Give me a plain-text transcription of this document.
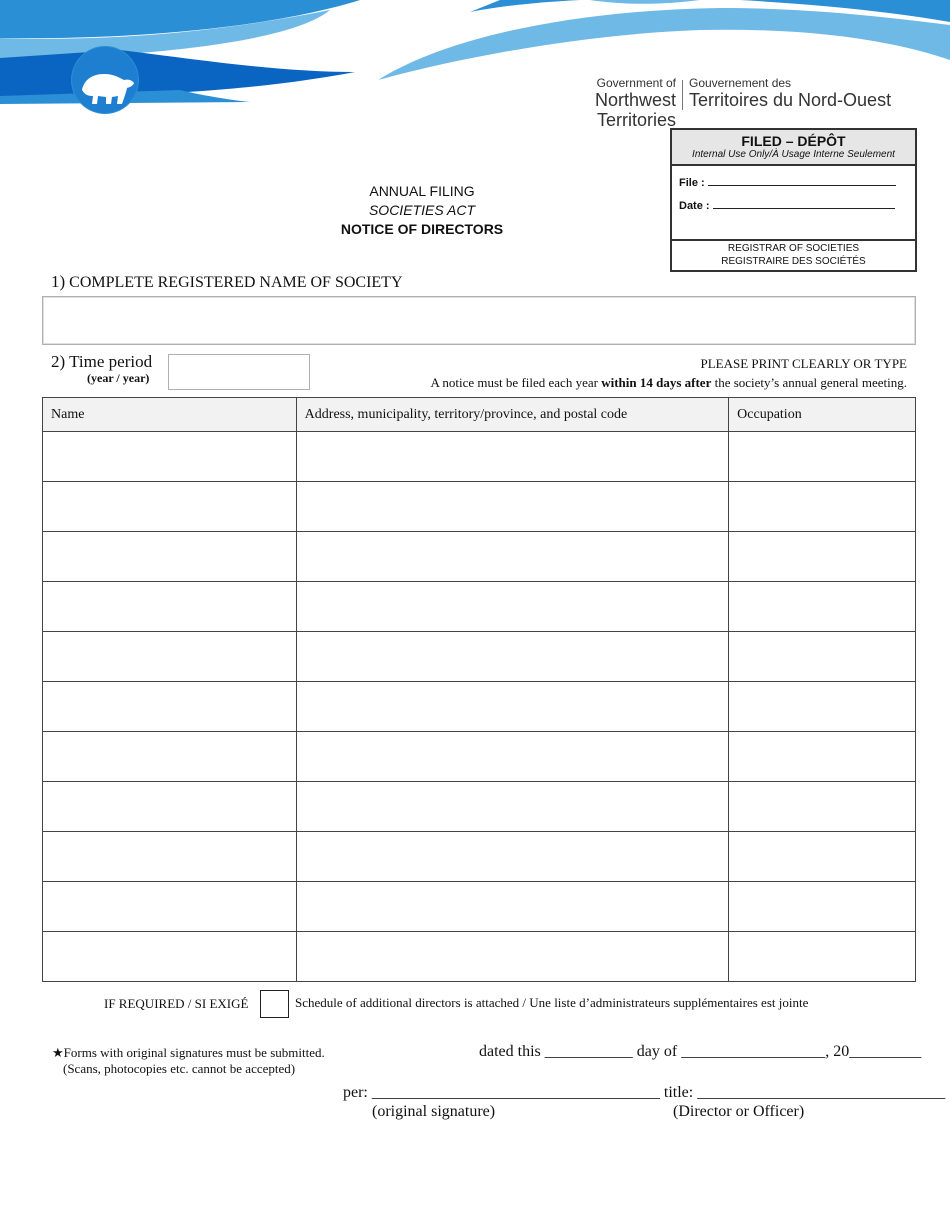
Government of
Northwest Territories
Gouvernement des
Territoires du Nord-Ouest
FILED – DÉPÔT
Internal Use Only/À Usage Interne Seulement
File :
Date :
REGISTRAR OF SOCIETIES
REGISTRAIRE DES SOCIÉTÉS
ANNUAL FILING
SOCIETIES ACT
NOTICE OF DIRECTORS
1) COMPLETE REGISTERED NAME OF SOCIETY
2) Time period
(year / year)
PLEASE PRINT CLEARLY OR TYPE
A notice must be filed each year within 14 days after the society’s annual general meeting.
Name	Address, municipality, territory/province, and postal code	Occupation

IF REQUIRED / SI EXIGÉ	Schedule of additional directors is attached / Une liste d’administrateurs supplémentaires est jointe
★Forms with original signatures must be submitted.
(Scans, photocopies etc. cannot be accepted)
dated this ___________ day of __________________, 20_________
per: ____________________________________ title: _______________________________
(original signature)	(Director or Officer)
